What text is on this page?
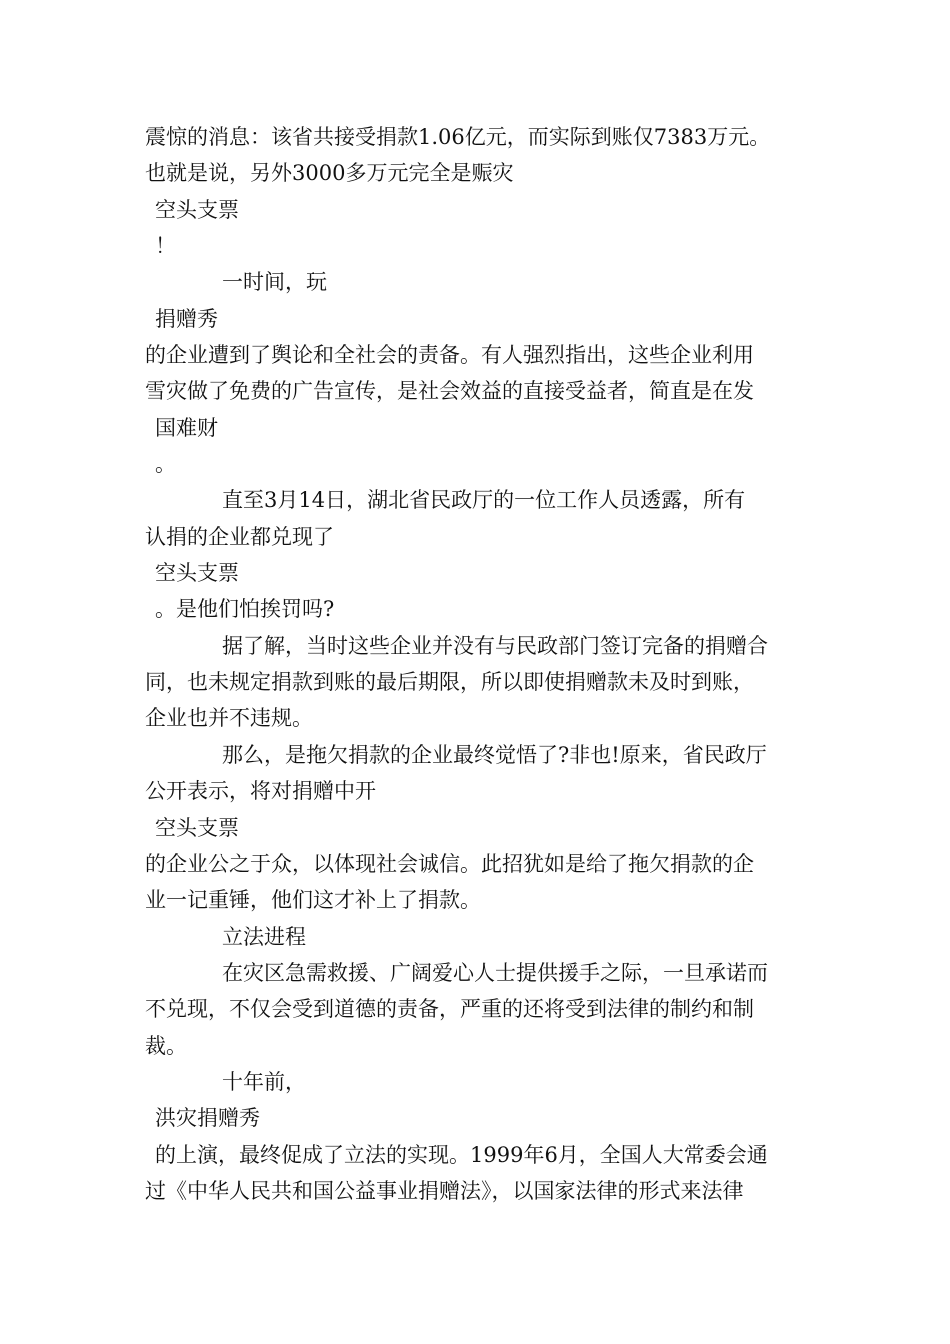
震惊的消息：该省共接受捐款1.06亿元，而实际到账仅7383万元。

也就是说，另外3000多万元完全是赈灾

空头支票

！

一时间，玩

捐赠秀

的企业遭到了舆论和全社会的责备。有人强烈指出，这些企业利用

雪灾做了免费的广告宣传，是社会效益的直接受益者，简直是在发

国难财

。

直至3月14日，湖北省民政厅的一位工作人员透露，所有

认捐的企业都兑现了

空头支票

。是他们怕挨罚吗?

据了解，当时这些企业并没有与民政部门签订完备的捐赠合

同，也未规定捐款到账的最后期限，所以即使捐赠款未及时到账，

企业也并不违规。

那么，是拖欠捐款的企业最终觉悟了?非也!原来，省民政厅

公开表示，将对捐赠中开

空头支票

的企业公之于众，以体现社会诚信。此招犹如是给了拖欠捐款的企

业一记重锤，他们这才补上了捐款。

立法进程

在灾区急需救援、广阔爱心人士提供援手之际，一旦承诺而

不兑现，不仅会受到道德的责备，严重的还将受到法律的制约和制

裁。

十年前，

洪灾捐赠秀

的上演，最终促成了立法的实现。1999年6月，全国人大常委会通

过《中华人民共和国公益事业捐赠法》，以国家法律的形式来法律
